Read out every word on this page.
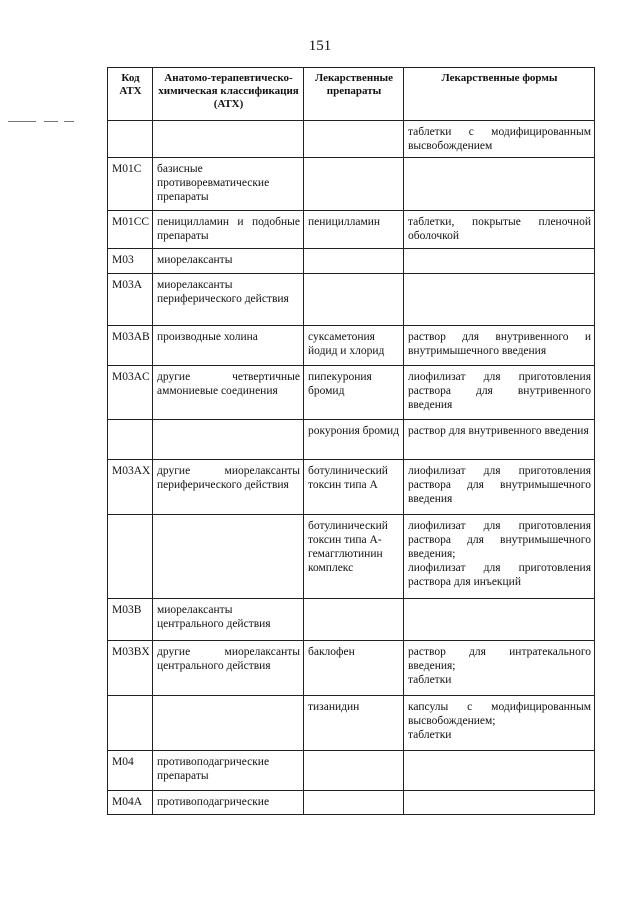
151
Код АТХ	Анатомо-терапевтическо-химическая классификация (АТХ)	Лекарственные препараты	Лекарственные формы
			таблетки с модифицированным высвобождением
M01C	базисные противоревматические препараты		
M01CC	пеницилламин и подобные препараты	пеницилламин	таблетки, покрытые пленочной оболочкой
M03	миорелаксанты		
M03A	миорелаксанты периферического действия		
M03AB	производные холина	суксаметония йодид и хлорид	раствор для внутривенного и внутримышечного введения
M03AC	другие четвертичные аммониевые соединения	пипекурония бромид	лиофилизат для приготовления раствора для внутривенного введения
		рокурония бромид	раствор для внутривенного введения
M03AX	другие миорелаксанты периферического действия	ботулинический токсин типа A	лиофилизат для приготовления раствора для внутримышечного введения
		ботулинический токсин типа A-гемагглютинин комплекс	лиофилизат для приготовления раствора для внутримышечного введения;
лиофилизат для приготовления раствора для инъекций

M03B	миорелаксанты центрального действия		
M03BX	другие миорелаксанты центрального действия	баклофен	раствор для интратекального введения;
таблетки

		тизанидин	капсулы с модифицированным высвобождением;
таблетки

M04	противоподагрические препараты		
M04A	противоподагрические		
